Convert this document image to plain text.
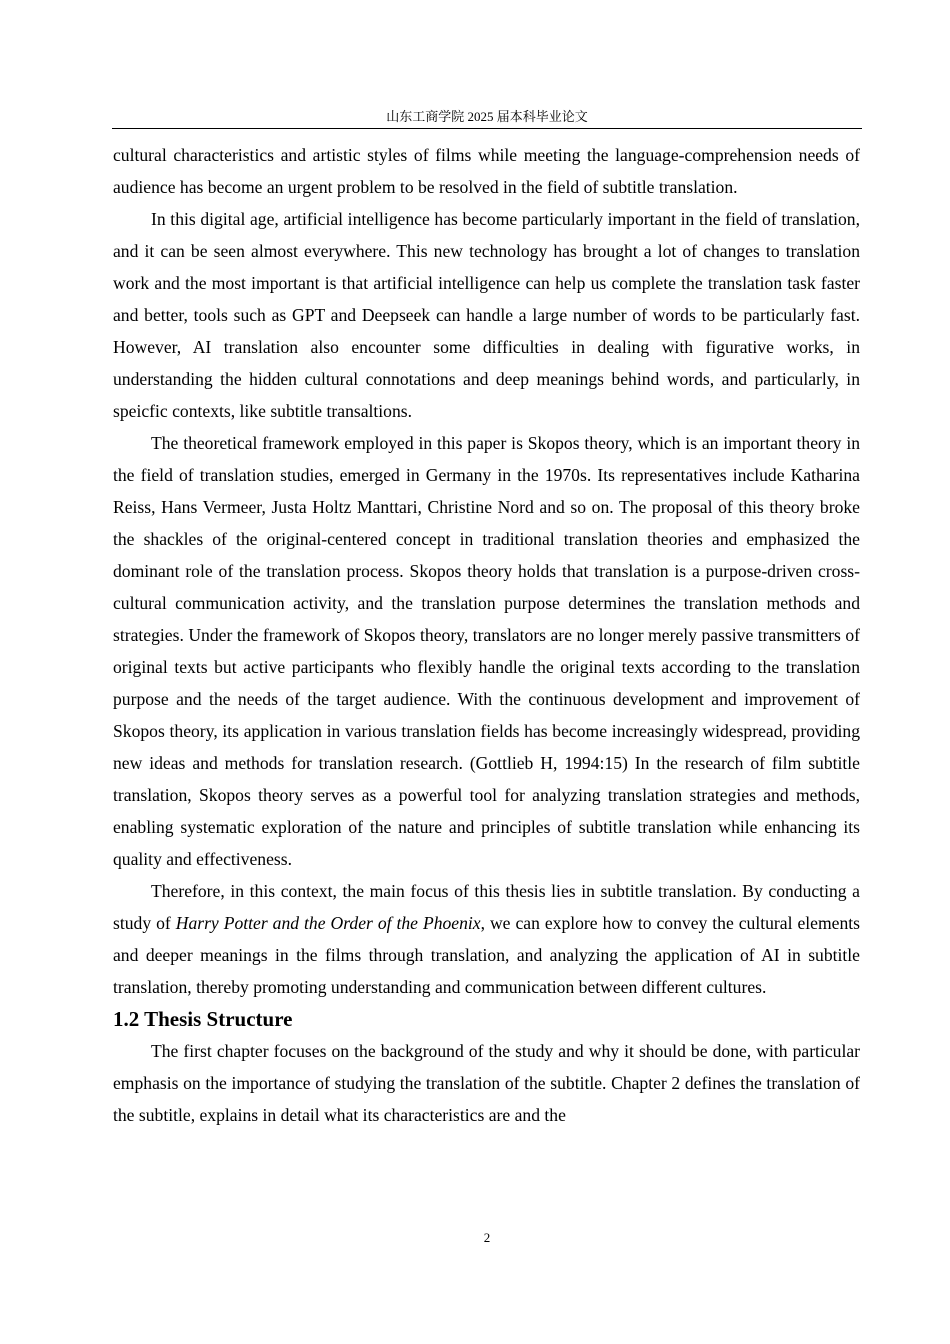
山东工商学院 2025 届本科毕业论文

cultural characteristics and artistic styles of films while meeting the language-comprehension needs of audience has become an urgent problem to be resolved in the field of subtitle translation.

In this digital age, artificial intelligence has become particularly important in the field of translation, and it can be seen almost everywhere. This new technology has brought a lot of changes to translation work and the most important is that artificial intelligence can help us complete the translation task faster and better, tools such as GPT and Deepseek can handle a large number of words to be particularly fast. However, AI translation also encounter some difficulties in dealing with figurative works, in understanding the hidden cultural connotations and deep meanings behind words, and particularly, in speicfic contexts, like subtitle transaltions.

The theoretical framework employed in this paper is Skopos theory, which is an important theory in the field of translation studies, emerged in Germany in the 1970s. Its representatives include Katharina Reiss, Hans Vermeer, Justa Holtz Manttari, Christine Nord and so on. The proposal of this theory broke the shackles of the original-centered concept in traditional translation theories and emphasized the dominant role of the translation process. Skopos theory holds that translation is a purpose-driven cross-cultural communication activity, and the translation purpose determines the translation methods and strategies. Under the framework of Skopos theory, translators are no longer merely passive transmitters of original texts but active participants who flexibly handle the original texts according to the translation purpose and the needs of the target audience. With the continuous development and improvement of Skopos theory, its application in various translation fields has become increasingly widespread, providing new ideas and methods for translation research. (Gottlieb H, 1994:15) In the research of film subtitle translation, Skopos theory serves as a powerful tool for analyzing translation strategies and methods, enabling systematic exploration of the nature and principles of subtitle translation while enhancing its quality and effectiveness.

Therefore, in this context, the main focus of this thesis lies in subtitle translation. By conducting a study of Harry Potter and the Order of the Phoenix, we can explore how to convey the cultural elements and deeper meanings in the films through translation, and analyzing the application of AI in subtitle translation, thereby promoting understanding and communication between different cultures.

1.2 Thesis Structure

The first chapter focuses on the background of the study and why it should be done, with particular emphasis on the importance of studying the translation of the subtitle. Chapter 2 defines the translation of the subtitle, explains in detail what its characteristics are and the

2
